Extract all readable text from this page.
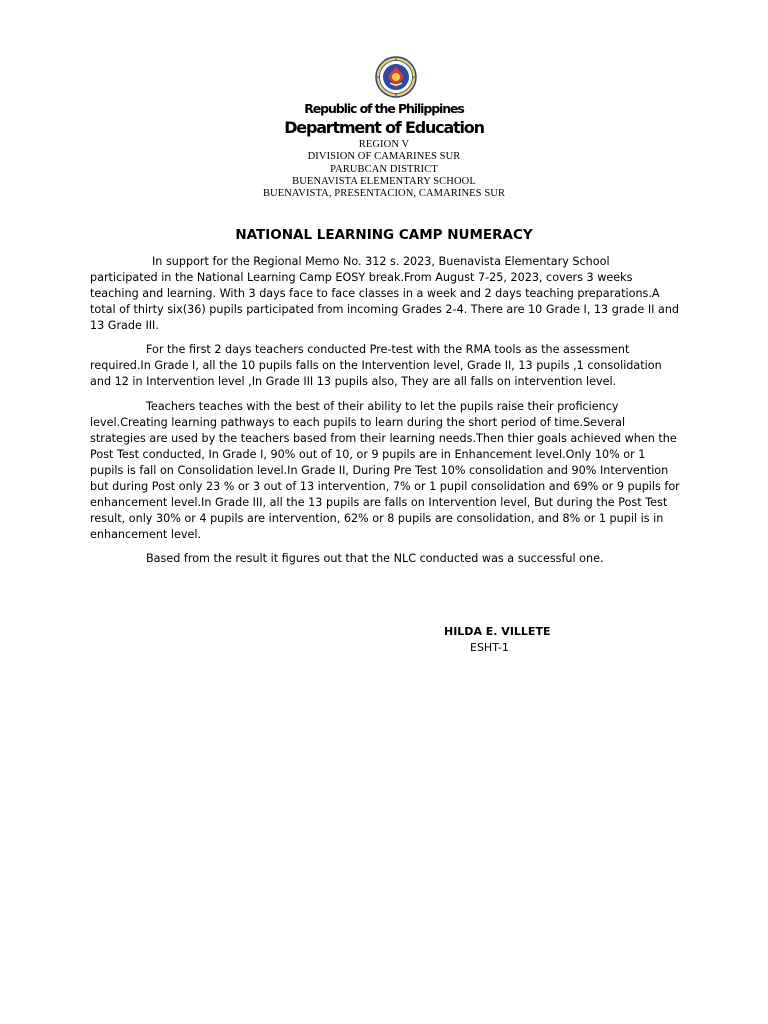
Republic of the Philippines
Department of Education
REGION V
DIVISION OF CAMARINES SUR
PARUBCAN DISTRICT
BUENAVISTA ELEMENTARY SCHOOL
BUENAVISTA, PRESENTACION, CAMARINES SUR
NATIONAL LEARNING CAMP NUMERACY
In support for the Regional Memo No. 312 s. 2023, Buenavista Elementary School
participated in the National Learning Camp EOSY break.From August 7-25, 2023, covers 3 weeks
teaching and learning. With 3 days face to face classes in a week and 2 days teaching preparations.A
total of thirty six(36) pupils participated from incoming Grades 2-4. There are 10 Grade I, 13 grade II and
13 Grade III.
For the first 2 days teachers conducted Pre-test with the RMA tools as the assessment
required.In Grade I, all the 10 pupils falls on the Intervention level, Grade II, 13 pupils ,1 consolidation
and 12 in Intervention level ,In Grade III 13 pupils also, They are all falls on intervention level.
Teachers teaches with the best of their ability to let the pupils raise their proficiency
level.Creating learning pathways to each pupils to learn during the short period of time.Several
strategies are used by the teachers based from their learning needs.Then thier goals achieved when the
Post Test conducted, In Grade I, 90% out of 10, or 9 pupils are in Enhancement level.Only 10% or 1
pupils is fall on Consolidation level.In Grade II, During Pre Test 10% consolidation and 90% Intervention
but during Post only 23 % or 3 out of 13 intervention, 7% or 1 pupil consolidation and 69% or 9 pupils for
enhancement level.In Grade III, all the 13 pupils are falls on Intervention level, But during the Post Test
result, only 30% or 4 pupils are intervention, 62% or 8 pupils are consolidation, and 8% or 1 pupil is in
enhancement level.
Based from the result it figures out that the NLC conducted was a successful one.
HILDA E. VILLETE
ESHT-1
